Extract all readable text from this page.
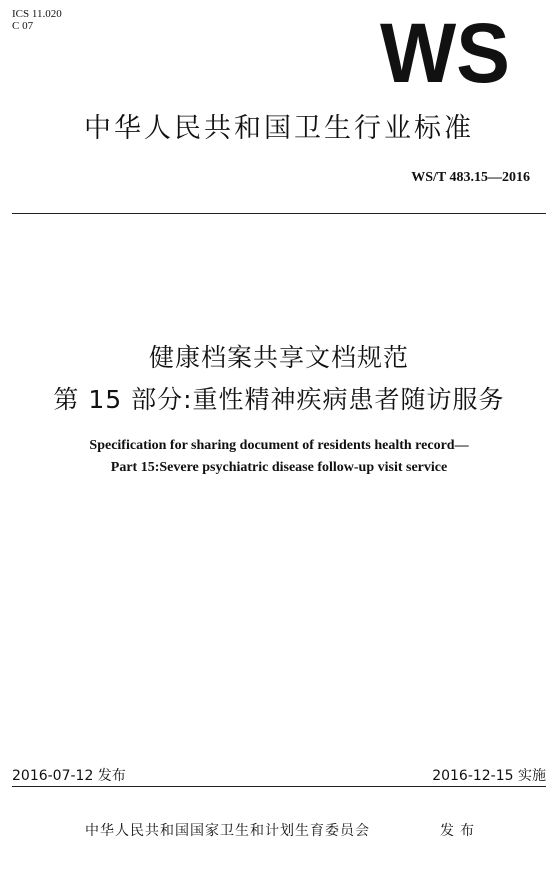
ICS 11.020
C 07	WS
中华人民共和国卫生行业标准
WS/T 483.15—2016
健康档案共享文档规范
第 15 部分:重性精神疾病患者随访服务
Specification for sharing document of residents health record—
Part 15:Severe psychiatric disease follow-up visit service
2016-07-12 发布	2016-12-15 实施
中华人民共和国国家卫生和计划生育委员会	发布
